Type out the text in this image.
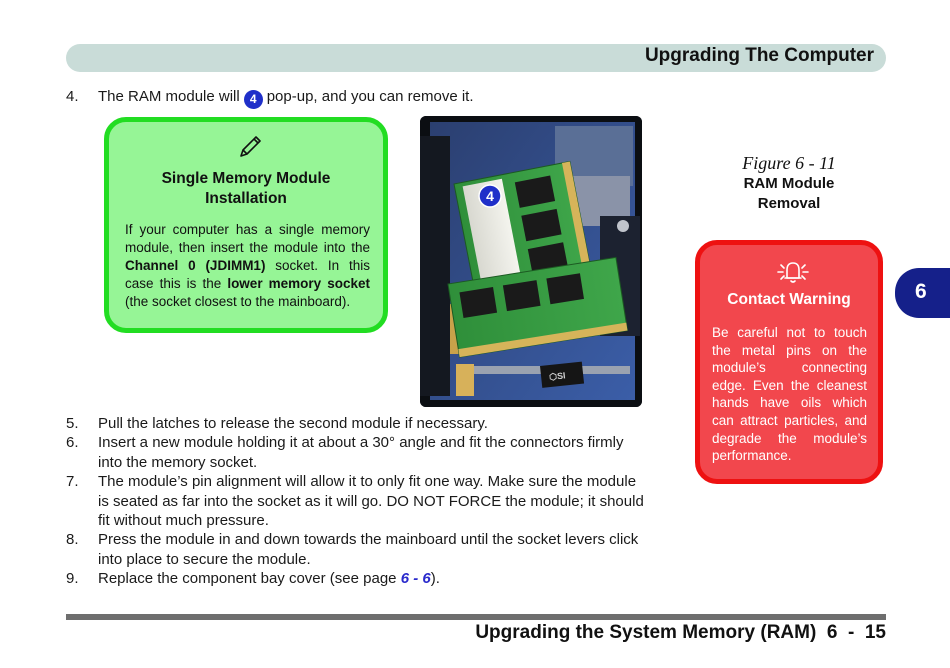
Upgrading The Computer
4. The RAM module will 4 pop-up, and you can remove it.
Single Memory Module
Installation
If your computer has a single memory module, then insert the module into the Channel 0 (JDIMM1) socket. In this case this is the lower memory socket (the socket closest to the mainboard).
⬡SI
4
Figure 6 - 11
RAM Module
Removal
Contact Warning
Be careful not to touch the metal pins on the module’s connecting edge. Even the cleanest hands have oils which can attract particles, and degrade the module’s performance.
6
5. Pull the latches to release the second module if necessary.
6. Insert a new module holding it at about a 30° angle and fit the connectors firmly
into the memory socket.
7. The module’s pin alignment will allow it to only fit one way. Make sure the module
is seated as far into the socket as it will go. DO NOT FORCE the module; it should
fit without much pressure.
8. Press the module in and down towards the mainboard until the socket levers click
into place to secure the module.
9. Replace the component bay cover (see page 6 - 6).
Upgrading the System Memory (RAM)  6  -  15
